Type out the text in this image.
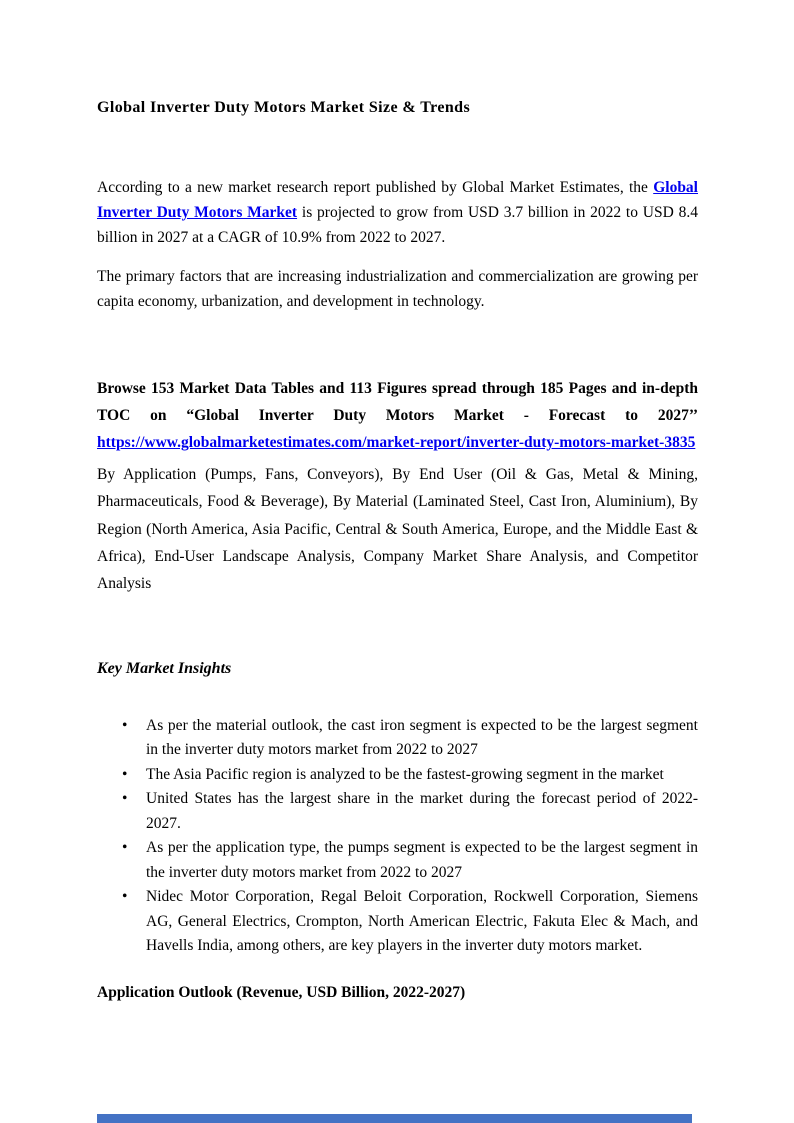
Global Inverter Duty Motors Market Size & Trends

According to a new market research report published by Global Market Estimates, the Global Inverter Duty Motors Market is projected to grow from USD 3.7 billion in 2022 to USD 8.4 billion in 2027 at a CAGR of 10.9% from 2022 to 2027.

The primary factors that are increasing industrialization and commercialization are growing per capita economy, urbanization, and development in technology.

Browse 153 Market Data Tables and 113 Figures spread through 185 Pages and in-depth TOC on “Global Inverter Duty Motors Market - Forecast to 2027’’ https://www.globalmarketestimates.com/market-report/inverter-duty-motors-market-3835

By Application (Pumps, Fans, Conveyors), By End User (Oil & Gas, Metal & Mining, Pharmaceuticals, Food & Beverage), By Material (Laminated Steel, Cast Iron, Aluminium), By Region (North America, Asia Pacific, Central & South America, Europe, and the Middle East & Africa), End-User Landscape Analysis, Company Market Share Analysis, and Competitor Analysis

Key Market Insights
• As per the material outlook, the cast iron segment is expected to be the largest segment in the inverter duty motors market from 2022 to 2027
• The Asia Pacific region is analyzed to be the fastest-growing segment in the market
• United States has the largest share in the market during the forecast period of 2022-2027.
• As per the application type, the pumps segment is expected to be the largest segment in the inverter duty motors market from 2022 to 2027
• Nidec Motor Corporation, Regal Beloit Corporation, Rockwell Corporation, Siemens AG, General Electrics, Crompton, North American Electric, Fakuta Elec & Mach, and Havells India, among others, are key players in the inverter duty motors market.
Application Outlook (Revenue, USD Billion, 2022-2027)
